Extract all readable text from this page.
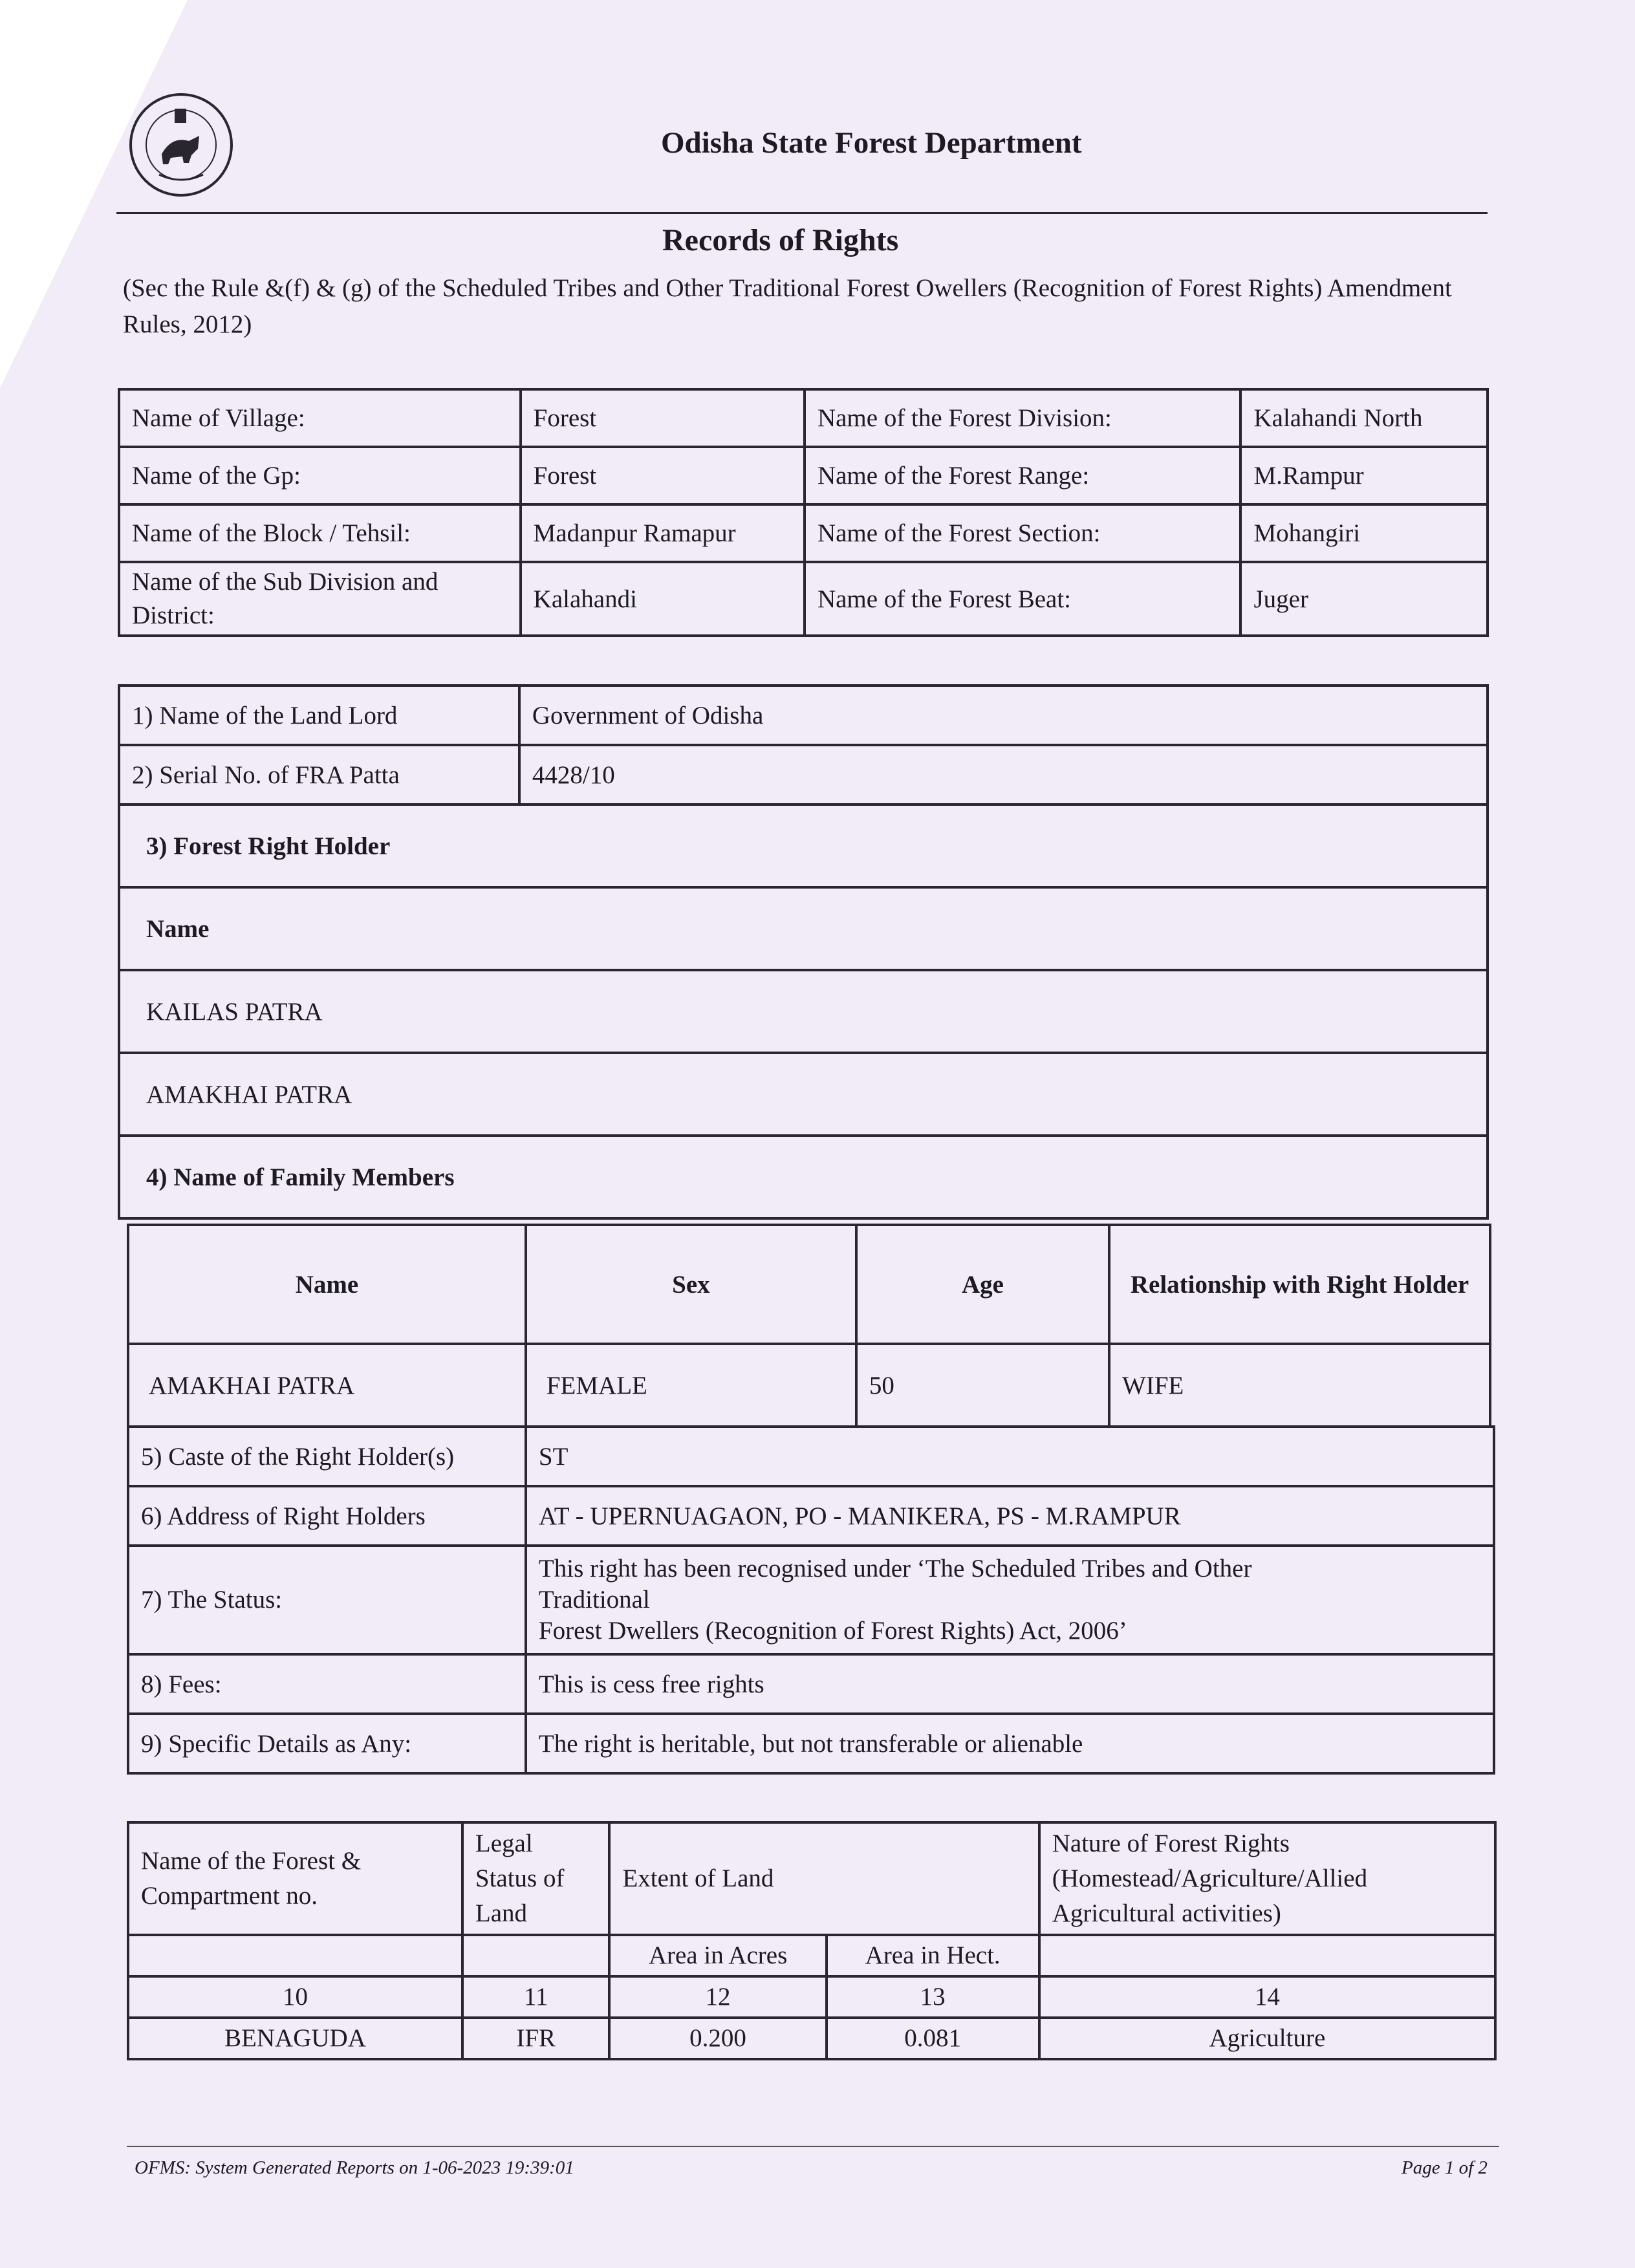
Odisha State Forest Department
Records of Rights
(Sec the Rule &(f) & (g) of the Scheduled Tribes and Other Traditional Forest Owellers (Recognition of Forest Rights) Amendment Rules, 2012)
Name of Village:	Forest	Name of the Forest Division:	Kalahandi North
Name of the Gp:	Forest	Name of the Forest Range:	M.Rampur
Name of the Block / Tehsil:	Madanpur Ramapur	Name of the Forest Section:	Mohangiri
Name of the Sub Division and District:	Kalahandi	Name of the Forest Beat:	Juger
1) Name of the Land Lord	Government of Odisha
2) Serial No. of FRA Patta	4428/10
3) Forest Right Holder	
Name	
KAILAS PATRA	
AMAKHAI PATRA	
4) Name of Family Members	
Name	Sex	Age	Relationship with Right Holder
AMAKHAI PATRA	FEMALE	50	WIFE
5) Caste of the Right Holder(s)	ST
6) Address of Right Holders	AT - UPERNUAGAON, PO - MANIKERA, PS - M.RAMPUR
7) The Status:	This right has been recognised under ‘The Scheduled Tribes and Other
Traditional
Forest Dwellers (Recognition of Forest Rights) Act, 2006’

8) Fees:	This is cess free rights
9) Specific Details as Any:	The right is heritable, but not transferable or alienable
Name of the Forest & Compartment no.	Legal Status of Land	Extent of Land		Nature of Forest Rights (Homestead/Agriculture/Allied Agricultural activities)
		Area in Acres	Area in Hect.	
10	11	12	13	14
BENAGUDA	IFR	0.200	0.081	Agriculture
OFMS: System Generated Reports on 1-06-2023 19:39:01	Page 1 of 2
